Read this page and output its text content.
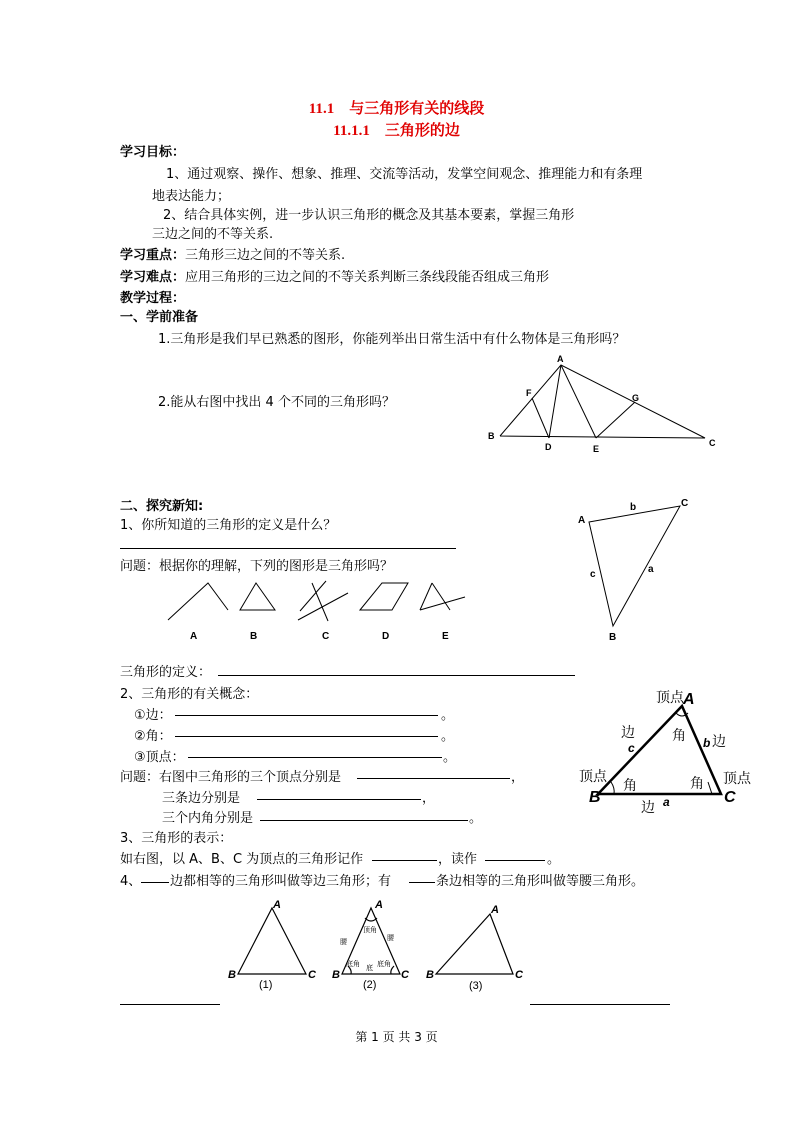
11.1　与三角形有关的线段
11.1.1　三角形的边
学习目标：
1、通过观察、操作、想象、推理、交流等活动，发掌空间观念、推理能力和有条理
地表达能力；
2、结合具体实例，进一步认识三角形的概念及其基本要素，掌握三角形
三边之间的不等关系.
学习重点：三角形三边之间的不等关系.
学习难点：应用三角形的三边之间的不等关系判断三条线段能否组成三角形
教学过程：
一、学前准备
1.三角形是我们早已熟悉的图形，你能列举出日常生活中有什么物体是三角形吗？
2.能从右图中找出 4 个不同的三角形吗？
A
B
C
D	E
F	G
二、探究新知:
1、你所知道的三角形的定义是什么？
问题：根据你的理解，下列的图形是三角形吗？
A	B	C	D	E
A
C
B
b
c	a
三角形的定义：
2、三角形的有关概念：
①边：	。
②角：	。
③顶点：	。
问题：右图中三角形的三个顶点分别是	，
三条边分别是	，
三个内角分别是	。
顶点
顶点	顶点
边
边
边
角
角	角
A
B	C
b
c
a
3、三角形的表示：
如右图，以 A、B、C 为顶点的三角形记作	，读作	。
4、 边都相等的三角形叫做等边三角形；有	条边相等的三角形叫做等腰三角形。
A
B	C
A
B	C
A
B	C
(1)	(2)	(3)
顶角
腰
腰
底角
底
底角
第 1 页 共 3 页
